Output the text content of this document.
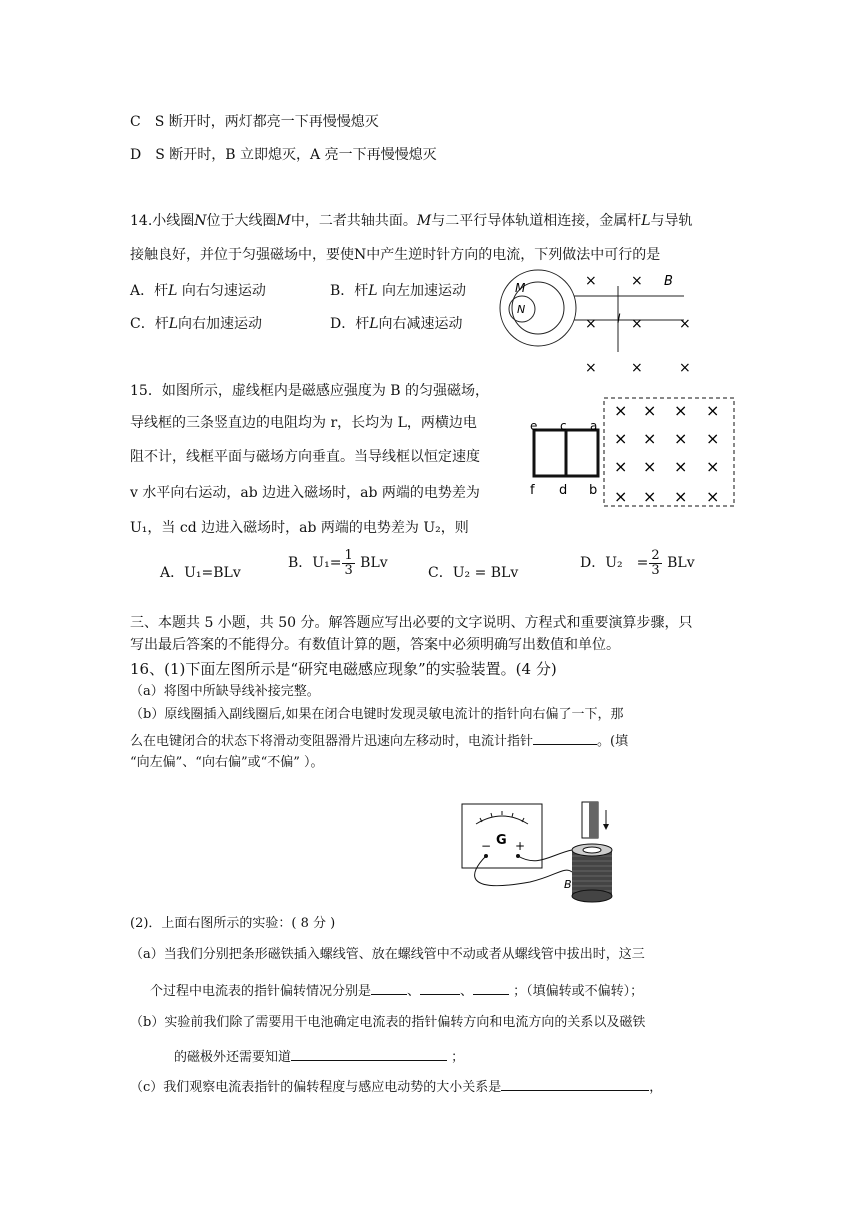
C　S 断开时，两灯都亮一下再慢慢熄灭
D　S 断开时，B 立即熄灭，A 亮一下再慢慢熄灭
14.小线圈N位于大线圈M中，二者共轴共面。M与二平行导体轨道相连接，金属杆L与导轨
接触良好，并位于匀强磁场中，要使N中产生逆时针方向的电流，下列做法中可行的是
A．杆L 向右匀速运动	B．杆L 向左加速运动
C．杆L向右加速运动	D．杆L向右减速运动
M
N
B
l
× ×
× ×	×
× ×	×
15．如图所示，虚线框内是磁感应强度为 B 的匀强磁场，
导线框的三条竖直边的电阻均为 r，长均为 L，两横边电
阻不计，线框平面与磁场方向垂直。当导线框以恒定速度
v 水平向右运动，ab 边进入磁场时，ab 两端的电势差为
U₁，当 cd 边进入磁场时，ab 两端的电势差为 U₂，则
e c a
f d b
× × × ×
× × × ×
× × × ×
× × × ×
A．U₁=BLv
B．$U_1= \frac{1}{3}$ BLv
C．U₂ = BLv
D．U₂　= $\frac{2}{3}$ BLv
三、本题共 5 小题，共 50 分。解答题应写出必要的文字说明、方程式和重要演算步骤，只
写出最后答案的不能得分。有数值计算的题，答案中必须明确写出数值和单位。
16、(1)下面左图所示是“研究电磁感应现象”的实验装置。(4 分)
（a）将图中所缺导线补接完整。
（b）原线圈插入副线圈后,如果在闭合电键时发现灵敏电流计的指针向右偏了一下，那
么在电键闭合的状态下将滑动变阻器滑片迅速向左移动时，电流计指针	。(填
“向左偏”、“向右偏”或“不偏” ）。
G
− +
B
(2)．上面右图所示的实验：( 8 分 )
（a）当我们分别把条形磁铁插入螺线管、放在螺线管中不动或者从螺线管中拔出时，这三
个过程中电流表的指针偏转情况分别是	、	、	；（填偏转或不偏转）；
（b）实验前我们除了需要用干电池确定电流表的指针偏转方向和电流方向的关系以及磁铁
的磁极外还需要知道	；
（c）我们观察电流表指针的偏转程度与感应电动势的大小关系是	，
